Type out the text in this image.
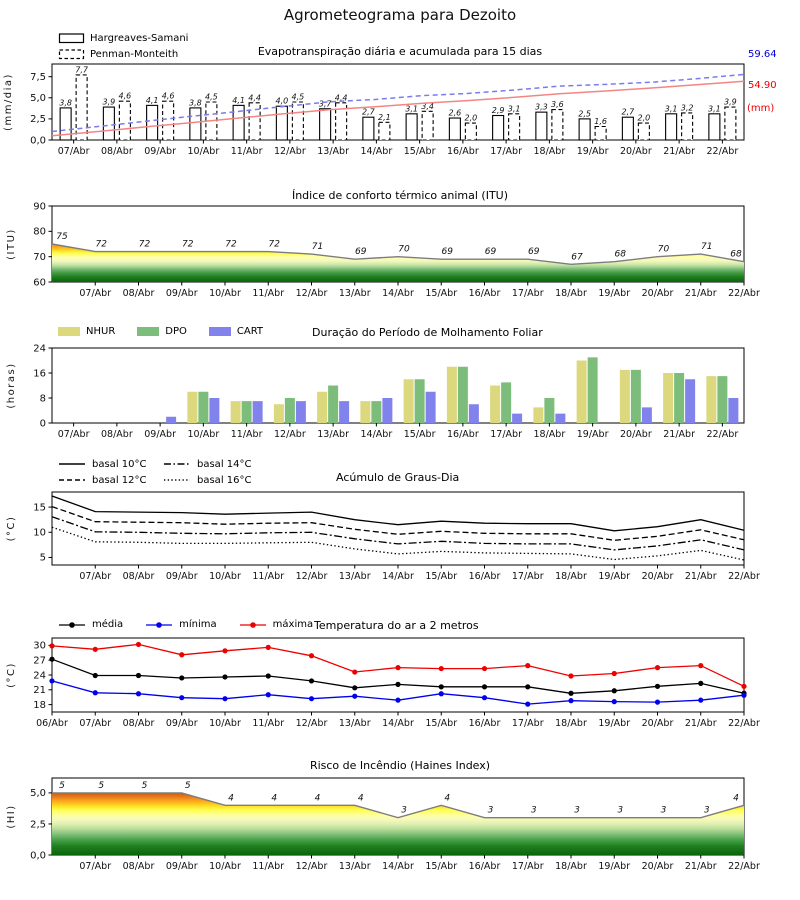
Agrometeograma para Dezoito
Hargreaves-Samani
Penman-Monteith	Evapotranspiração diária e acumulada para 15 dias
0,0
2,5
5,0
7,5
07/Abr 08/Abr 09/Abr 10/Abr 11/Abr 12/Abr 13/Abr 14/Abr 15/Abr 16/Abr 17/Abr 18/Abr 19/Abr 20/Abr 21/Abr 22/Abr
(mm/dia)	3,8
7,7
3,9
4,6 4,1 4,6
3,8
4,5 4,1 4,4 4,0 4,5
3,7
4,4
2,7
2,1
3,1 3,4
2,6
2,0
2,9 3,1 3,3 3,6
2,5
1,6
2,7
2,0
3,1 3,2 3,1
3,9
59.64
54.90
(mm)
Índice de conforto térmico animal (ITU)
60
70
80
90
07/Abr 08/Abr 09/Abr 10/Abr 11/Abr 12/Abr 13/Abr 14/Abr 15/Abr 16/Abr 17/Abr 18/Abr 19/Abr 20/Abr 21/Abr 22/Abr
(ITU)	75
72	72	72	72	72	71
69	70	69	69	69
67	68
70	71
68
NHUR	DPO	CART	Duração do Período de Molhamento Foliar
0
8
16
24
07/Abr 08/Abr 09/Abr 10/Abr 11/Abr 12/Abr 13/Abr 14/Abr 15/Abr 16/Abr 17/Abr 18/Abr 19/Abr 20/Abr 21/Abr 22/Abr
(horas)
basal 10°C	basal 14°C
basal 12°C	basal 16°C	Acúmulo de Graus-Dia
5
10
15
07/Abr 08/Abr 09/Abr 10/Abr 11/Abr 12/Abr 13/Abr 14/Abr 15/Abr 16/Abr 17/Abr 18/Abr 19/Abr 20/Abr 21/Abr 22/Abr
(°C)
média	mínima	máxima Temperatura do ar a 2 metros
18
21
24
27
30
06/Abr 07/Abr 08/Abr 09/Abr 10/Abr 11/Abr 12/Abr 13/Abr 14/Abr 15/Abr 16/Abr 17/Abr 18/Abr 19/Abr 20/Abr 21/Abr 22/Abr
(°C)
Risco de Incêndio (Haines Index)
0,0
2,5
5,0
07/Abr 08/Abr 09/Abr 10/Abr 11/Abr 12/Abr 13/Abr 14/Abr 15/Abr 16/Abr 17/Abr 18/Abr 19/Abr 20/Abr 21/Abr 22/Abr
(HI)
5	5	5	5
4	4	4	4
3
4
3	3	3	3	3	3
4
